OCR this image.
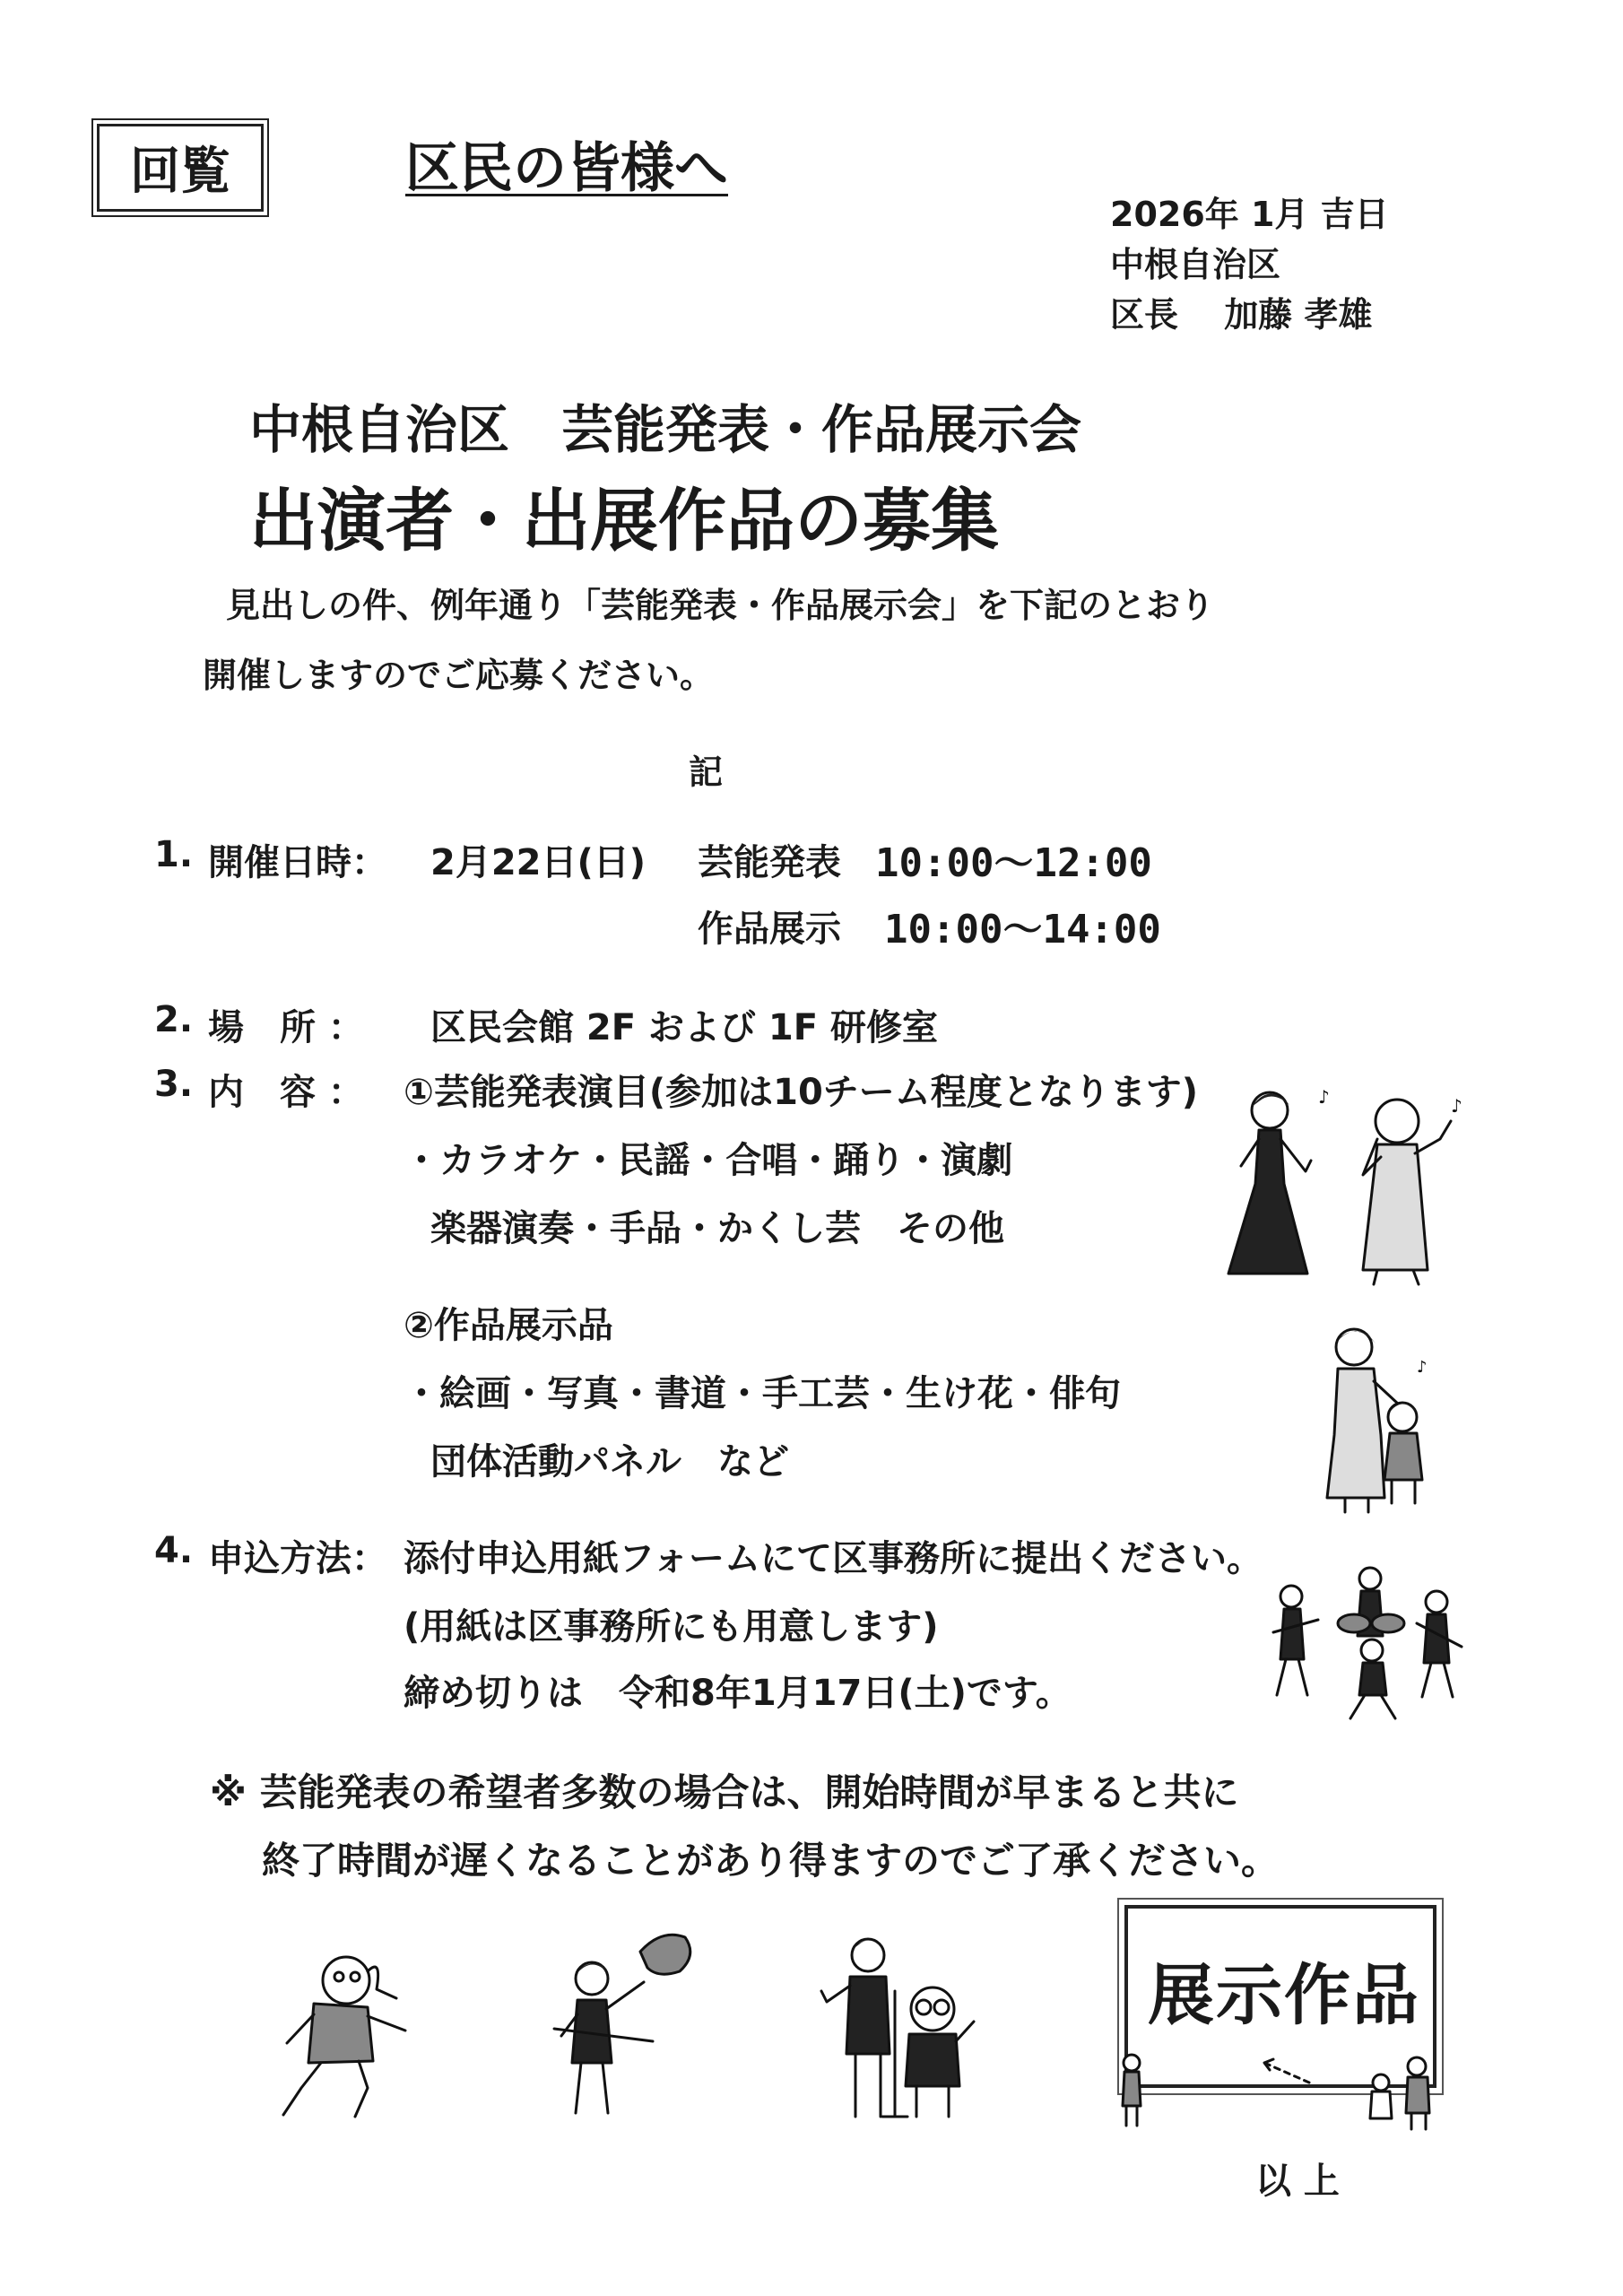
回覧	区民の皆様へ
2026年 1月 吉日
中根自治区
区長　 加藤 孝雄
中根自治区　芸能発表・作品展示会
出演者・出展作品の募集
見出しの件、例年通り「芸能発表・作品展示会」を下記のとおり
開催しますのでご応募ください。
記
1. 開催日時： 2月22日(日) 芸能発表 10:00〜12:00
作品展示 10:00〜14:00
2. 場　所 ： 区民会館 2F および 1F 研修室
3. 内　容 ： ①芸能発表演目(参加は10チーム程度となります)
・カラオケ・民謡・合唱・踊り・演劇
楽器演奏・手品・かくし芸　その他
②作品展示品
・絵画・写真・書道・手工芸・生け花・俳句
団体活動パネル　など
4. 申込方法： 添付申込用紙フォームにて区事務所に提出ください。
(用紙は区事務所にも用意します)
締め切りは　令和8年1月17日(土)です。
※ 芸能発表の希望者多数の場合は、開始時間が早まると共に
終了時間が遅くなることがあり得ますのでご了承ください。
以 上
♪	♪
♪
展示作品
